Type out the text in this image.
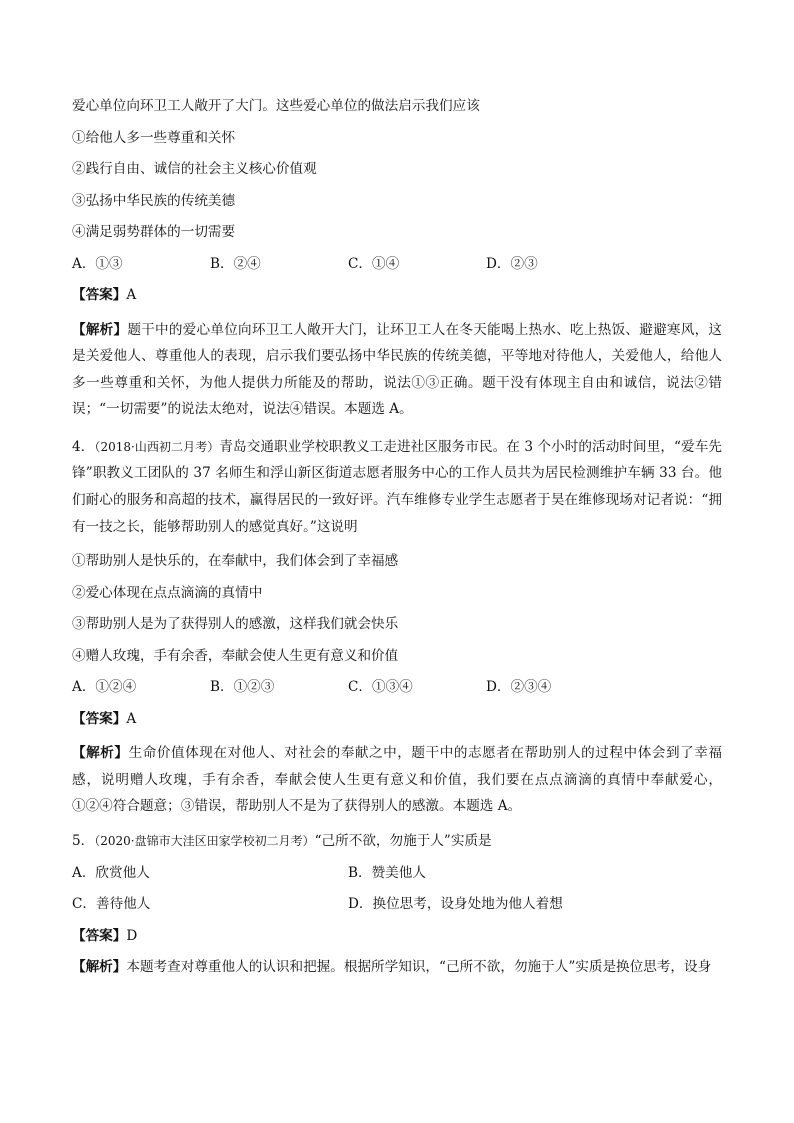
爱心单位向环卫工人敞开了大门。这些爱心单位的做法启示我们应该
①给他人多一些尊重和关怀
②践行自由、诚信的社会主义核心价值观
③弘扬中华民族的传统美德
④满足弱势群体的一切需要
A．①③	B．②④	C．①④	D．②③
【答案】A
【解析】题干中的爱心单位向环卫工人敞开大门，让环卫工人在冬天能喝上热水、吃上热饭、避避寒风，这是关爱他人、尊重他人的表现，启示我们要弘扬中华民族的传统美德，平等地对待他人，关爱他人，给他人多一些尊重和关怀，为他人提供力所能及的帮助，说法①③正确。题干没有体现主自由和诚信，说法②错误；“一切需要”的说法太绝对，说法④错误。本题选 A。
4．（2018·山西初二月考）青岛交通职业学校职教义工走进社区服务市民。在 3 个小时的活动时间里，“爱车先锋”职教义工团队的 37 名师生和浮山新区街道志愿者服务中心的工作人员共为居民检测维护车辆 33 台。他们耐心的服务和高超的技术，赢得居民的一致好评。汽车维修专业学生志愿者于昊在维修现场对记者说：“拥有一技之长，能够帮助别人的感觉真好。”这说明
①帮助别人是快乐的，在奉献中，我们体会到了幸福感
②爱心体现在点点滴滴的真情中
③帮助别人是为了获得别人的感激，这样我们就会快乐
④赠人玫瑰，手有余香，奉献会使人生更有意义和价值
A．①②④	B．①②③	C．①③④	D．②③④
【答案】A
【解析】生命价值体现在对他人、对社会的奉献之中，题干中的志愿者在帮助别人的过程中体会到了幸福感，说明赠人玫瑰，手有余香，奉献会使人生更有意义和价值，我们要在点点滴滴的真情中奉献爱心，①②④符合题意；③错误，帮助别人不是为了获得别人的感激。本题选 A。
5．（2020·盘锦市大洼区田家学校初二月考）“己所不欲，勿施于人”实质是
A．欣赏他人	B．赞美他人
C．善待他人	D．换位思考，设身处地为他人着想
【答案】D
【解析】本题考查对尊重他人的认识和把握。根据所学知识，“己所不欲，勿施于人”实质是换位思考，设身
